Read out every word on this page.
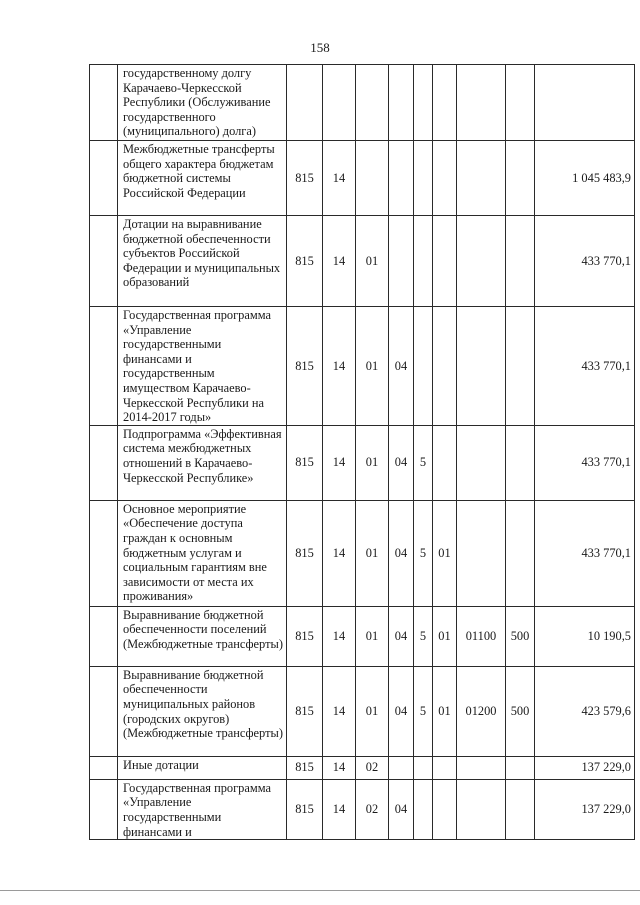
158
	государственному долгу Карачаево-Черкесской Республики (Обслуживание государственного (муниципального) долга)									
	Межбюджетные трансферты общего характера бюджетам бюджетной системы Российской Федерации	815	14							1 045 483,9
	Дотации на выравнивание бюджетной обеспеченности субъектов Российской Федерации и муниципальных образований	815	14	01						433 770,1
	Государственная программа «Управление государственными финансами и государственным имуществом Карачаево-Черкесской Республики на 2014-2017 годы»	815	14	01	04					433 770,1
	Подпрограмма «Эффективная система межбюджетных отношений в Карачаево-Черкесской Республике»	815	14	01	04	5				433 770,1
	Основное мероприятие «Обеспечение доступа граждан к основным бюджетным услугам и социальным гарантиям вне зависимости от места их проживания»	815	14	01	04	5	01			433 770,1
	Выравнивание бюджетной обеспеченности поселений (Межбюджетные трансферты)	815	14	01	04	5	01	01100	500	10 190,5
	Выравнивание бюджетной обеспеченности муниципальных районов (городских округов) (Межбюджетные трансферты)	815	14	01	04	5	01	01200	500	423 579,6
	Иные дотации	815	14	02						137 229,0
	Государственная программа «Управление государственными финансами и	815	14	02	04					137 229,0
